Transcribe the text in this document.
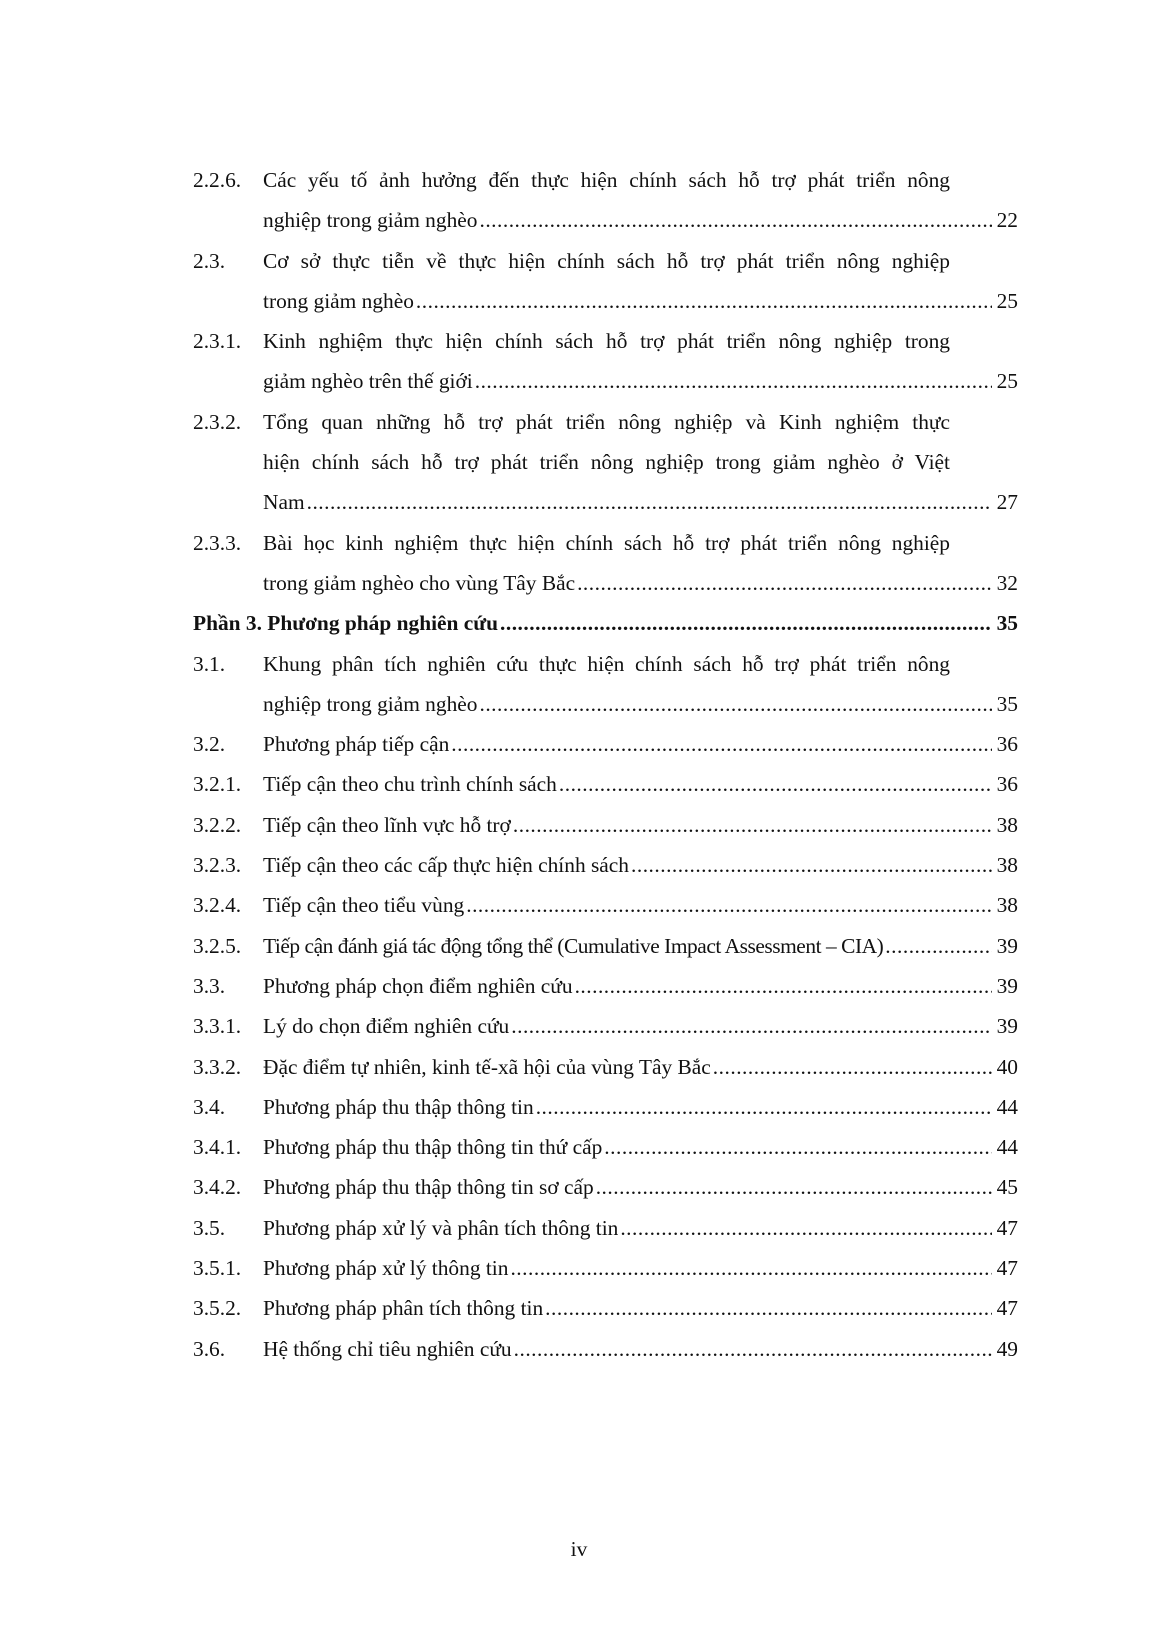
2.2.6.	Các yếu tố ảnh hưởng đến thực hiện chính sách hỗ trợ phát triển nông
nghiệp trong giảm nghèo .....	22
2.3.	Cơ sở thực tiễn về thực hiện chính sách hỗ trợ phát triển nông nghiệp
trong giảm nghèo .....	25
2.3.1.	Kinh nghiệm thực hiện chính sách hỗ trợ phát triển nông nghiệp trong
giảm nghèo trên thế giới .....	25
2.3.2.	Tổng quan những hỗ trợ phát triển nông nghiệp và Kinh nghiệm thực
hiện chính sách hỗ trợ phát triển nông nghiệp trong giảm nghèo ở Việt
Nam .....	27
2.3.3.	Bài học kinh nghiệm thực hiện chính sách hỗ trợ phát triển nông nghiệp
trong giảm nghèo cho vùng Tây Bắc .....	32
Phần 3. Phương pháp nghiên cứu .....	35
3.1.	Khung phân tích nghiên cứu thực hiện chính sách hỗ trợ phát triển nông
nghiệp trong giảm nghèo .....	35
3.2.	Phương pháp tiếp cận .....	36
3.2.1.	Tiếp cận theo chu trình chính sách .....	36
3.2.2.	Tiếp cận theo lĩnh vực hỗ trợ .....	38
3.2.3.	Tiếp cận theo các cấp thực hiện chính sách .....	38
3.2.4.	Tiếp cận theo tiểu vùng .....	38
3.2.5.	Tiếp cận đánh giá tác động tổng thể (Cumulative Impact Assessment – CIA) .....	39
3.3.	Phương pháp chọn điểm nghiên cứu .....	39
3.3.1.	Lý do chọn điểm nghiên cứu .....	39
3.3.2.	Đặc điểm tự nhiên, kinh tế-xã hội của vùng Tây Bắc .....	40
3.4.	Phương pháp thu thập thông tin .....	44
3.4.1.	Phương pháp thu thập thông tin thứ cấp .....	44
3.4.2.	Phương pháp thu thập thông tin sơ cấp .....	45
3.5.	Phương pháp xử lý và phân tích thông tin .....	47
3.5.1.	Phương pháp xử lý thông tin .....	47
3.5.2.	Phương pháp phân tích thông tin .....	47
3.6.	Hệ thống chỉ tiêu nghiên cứu .....	49
iv
